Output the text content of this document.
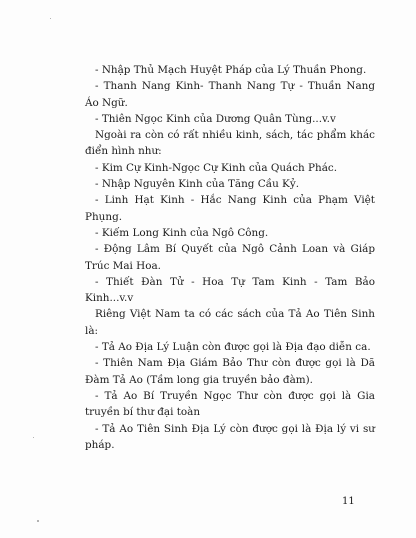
- Nhập Thủ Mạch Huyệt Pháp của Lý Thuần Phong.

- Thanh Nang Kinh- Thanh Nang Tự - Thuần Nang Áo Ngữ.

- Thiên Ngọc Kinh của Dương Quân Tùng...v.v

Ngoài ra còn có rất nhiều kinh, sách, tác phẩm khác điển hình như:

- Kim Cự Kinh-Ngọc Cự Kinh của Quách Phác.

- Nhập Nguyên Kinh của Tăng Cầu Kỷ.

- Linh Hạt Kinh - Hắc Nang Kinh của Phạm Việt Phụng.

- Kiếm Long Kinh của Ngô Công.

- Động Lâm Bí Quyết của Ngô Cảnh Loan và Giáp Trúc Mai Hoa.

- Thiết Đàn Tử - Hoa Tự Tam Kinh - Tam Bảo Kinh...v.v

Riêng Việt Nam ta có các sách của Tả Ao Tiên Sinh là:

- Tả Ao Địa Lý Luận còn được gọi là Địa đạo diễn ca.

- Thiên Nam Địa Giám Bảo Thư còn được gọi là Dã Đàm Tả Ao (Tầm long gia truyền bảo đàm).

- Tả Ao Bí Truyền Ngọc Thư còn được gọi là Gia truyền bí thư đại toàn

- Tả Ao Tiên Sinh Địa Lý còn được gọi là Địa lý vi sư pháp.

11
